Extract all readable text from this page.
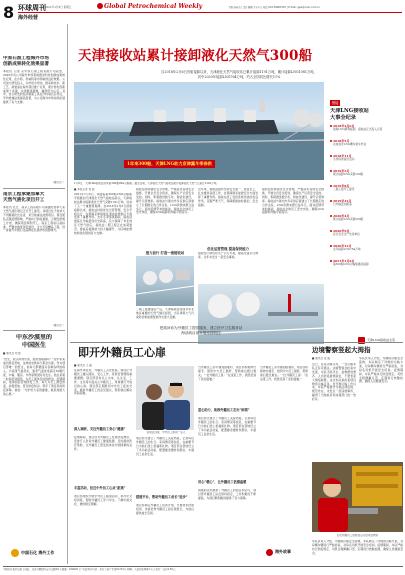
8 环球周刊 2021年1月8日 星期五	Global Petrochemical Weekly	主编 孙向东 | 责任编辑 王小石 | 电话 010-59963187 | E-mail: gpw@cnpc.com.cn
海外经营
中原石油工程海外市场
创新成果转化效果显著
本报讯 记者 从中原石油工程有限公司获悉，2020年该公司海外市场积极推进科技创新成果转化应用，在沙特、科威特等市场取得良好效果。公司加大研发投入，以市场为导向，推动新技术、新工艺、新装备在海外项目推广应用，累计转化创新成果十余项，实现提速提效，赢得甲方认可。其中，自主研发的钻井提速工具在沙特项目应用后，平均机械钻速提高显著，为公司海外市场持续拓展提供了有力支撑。
（通讯员 ）
南京工程承建加拿大
天然气液化项目开工
本报讯 近日，南京工程有限公司承建的加拿大某天然气液化项目正式开工建设。该项目位于加拿大不列颠哥伦比亚省，是当地重点能源项目。项目团队克服疫情影响，严格执行防疫措施，合理安排施工计划，确保项目顺利开工。南京工程将以高标准、严要求推进项目建设，全力打造精品工程，进一步提升中国石化品牌在北美市场的影响力。
（通讯员 ）
中东沙漠里的
中国医生
■ 通讯员 刘 凯
“医生，我头疼得厉害，能帮我看看吗？”在中东某油田项目营地，这样的求助每天都会出现。作为项目部唯一的医生，他每天都要面对各种各样的病人。沙漠里气候恶劣，夏季气温常常超过50摄氏度，中暑、腹泻、外伤等情况时有发生。他总是第一时间赶到现场，为员工提供及时的救治。疫情期间，他承担起营地防疫工作，每天为员工测量体温、消毒营地、普及防疫知识，筑牢了项目部的防疫屏障。他说：“守护好大家的健康，就是我最大的心愿。”
中国石化 海外工作
天津接收站累计接卸液化天然气300船
自2018年2月6日首船接卸以来，天津液化天然气接收站已累计接卸1191万吨，累计接卸LNG1081万吨，
其中2020年接卸LNG764万吨，约占全国同比增长11%
1年来300船，天津LNG助力京津冀冬季保供
1月6日，天津LNG接收站迎来第300艘LNG运输船。截至目前，天津液化天然气接收站累计接卸液化天然气已超过1191万吨。
■ 本报记者 刘 斌
2021年1月6日，伴随着第300船LNG运输船平稳靠泊天津液化天然气接收站码头，天津接收站累计接卸液化天然气突破1191万吨，迎来了又一个重要里程碑。自2018年2月6日首船接卸以来，接收站持续优化运营管理，安全平稳运行，在保障京津冀地区清洁能源供应方面发挥了重要作用。去年冬季保供期间，接收站最高日外输量创历史新高，有力保障了华北地区天然气供应。接收站二期工程正在加紧建设，建成后接卸能力将大幅提升，为区域能源结构优化提供有力支撑。
接收站持续强化安全管理，严格落实各项安全措施，开展全员安全培训，确保生产运营安全受控。同时，积极推进数字化、智能化建设，提升运营效率。接收站与国内外多家供应商建立了长期稳定的合作关系，LNG资源来源日益多元。面对疫情带来的挑战，接收站全体员工坚守岗位，确保LNG接卸和外输平稳有序。
接力前行 打造一流接收站
二期工程建成投产后，天津接收站将成为华北地区重要的天然气储运枢纽，为京津冀大气污染防治和能源保供作出更大贡献。
近年来，接收站始终坚持安全第一、质量至上，扎实推进各项工作，在保障国家能源安全方面发挥了重要作用。接收站员工发扬连续作战的优良作风，克服严寒天气，保障船舶按时靠泊、安全接卸。
优化运营管理 提高保供能力
接收站不断优化生产运行方案，提高设备运行效率，全年未发生一起安全事故。
接收站持续强化安全管理，严格落实各项安全措施，开展全员安全培训，确保生产运营安全受控。同时，积极推进数字化、智能化建设，提升运营效率。接收站与国内外多家供应商建立了长期稳定的合作关系，LNG资源来源日益多元。面对疫情带来的挑战，接收站全体员工坚守岗位，确保LNG接卸和外输平稳有序。
链接
天津LNG接收站
大事全纪录
2018年2月6日
首船LNG顺利接卸，接收站正式投入运营
2018年5月
完成首次LNG槽车装车作业
2018年11月
冬季保供首次启动
2019年3月
累计接卸LNG突破100船
2019年8月
二期工程开工建设
2019年12月
日外输量创新高
2020年4月
累计接卸LNG突破200船
2020年9月
获评安全生产先进单位
2020年12月
全年接卸LNG764万吨
2021年1月6日
第300船LNG运输船靠泊接卸
天津LNG接收站全景
把疏问诊为外籍员工提供服务，建立医疗卫生服务站
海油项目部开展疫情防控
即开外籍员工心扉
■ 通讯员 王 磊
在海外项目部，外籍员工占比较高。如何让外籍员工融入团队、安心工作，是项目管理的重要课题。项目部坚持以人为本，从生活、工作、文化等方面关心外籍员工，用真情打开他们的心扉。项目部定期组织中外员工座谈交流，倾听外籍员工的意见建议，帮助他们解决实际困难。
深入调研，关注外籍员工身心“健康”
疫情期间，项目部为外籍员工发放防疫物资，安排专人负责外籍员工健康监测，及时提供医疗帮助，让外籍员工感受到来自中国同事的关怀。
丰富活动，拉近中外员工心灵“距离”
项目部组织开展中外员工联谊活动，举办中文培训班，帮助外籍员工学习中文、了解中国文化，增进相互理解。
在项目部里，中外员工如同一家人
项目部还建立了外籍员工关爱档案，记录每位外籍员工的生日、家庭情况等信息，在重要节日为他们送上祝福和礼物。项目部在营地设立了多功能活动室，配置健身器材和图书，丰富员工业余生活。
搭建平台，帮助外籍员工成长“进步”
项目部制定外籍员工培训计划，开展技术技能培训，选拔优秀外籍员工担任班组长，为他们提供成长空间。
当外籍员工家中遇到困难时，项目部积极伸出援手，组织中方员工捐款，帮助他们渡过难关。一位外籍员工说：“在这里工作，我感受到了家的温暖。”
爱心助力，助推外籍员工走出“困境”
项目部还建立了外籍员工关爱档案，记录每位外籍员工的生日、家庭情况等信息，在重要节日为他们送上祝福和礼物。项目部在营地设立了多功能活动室，配置健身器材和图书，丰富员工业余生活。
用心“暖心”，让外籍员工倍感温暖
真诚的关怀换来了外籍员工的信任和认可，项目部外籍员工队伍保持稳定，工作积极性不断提高，为项目顺利推进提供了有力保障。
当外籍员工家中遇到困难时，项目部积极伸出援手，组织中方员工捐款，帮助他们渡过难关。一位外籍员工说：“在这里工作，我感受到了家的温暖。”
海外故事
边境警察竖起大拇指
■ 通讯员 张 强
近日，在某边境口岸，一支运输车队正有序通关。边境警察在检查中发现，车队手续齐全、货物摆放整齐、人员防疫措施到位，不禁竖起大拇指称赞。这支车队承担着项目物资运输任务，自开展运输工作以来，车队严格遵守当地法律法规，规范作业，未发生一起违规事件，赢得了当地政府和边境部门的一致好评。
车队负责人介绍，为确保运输安全高效，车队制定了详细的运输方案，对每辆车辆进行严格检查，对每名司机开展安全培训。疫情期间，车队严格执行防疫规定，司机全程佩戴口罩，定期进行核酸检测，确保人员健康安全。
石化机械员工加班加点运送项目物资
车队负责人介绍，为确保运输安全高效，车队制定了详细的运输方案，对每辆车辆进行严格检查，对每名司机开展安全培训。疫情期间，车队严格执行防疫规定，司机全程佩戴口罩，定期进行核酸检测，确保人员健康安全。
中国石化报社出版 | 地址：北京市朝阳区吉市口路9号 | 邮编：100020 | 广告经营许可证：京东工商广字第0174号 | 印刷：人民日报印务中心 | 定价：每份1.50元
